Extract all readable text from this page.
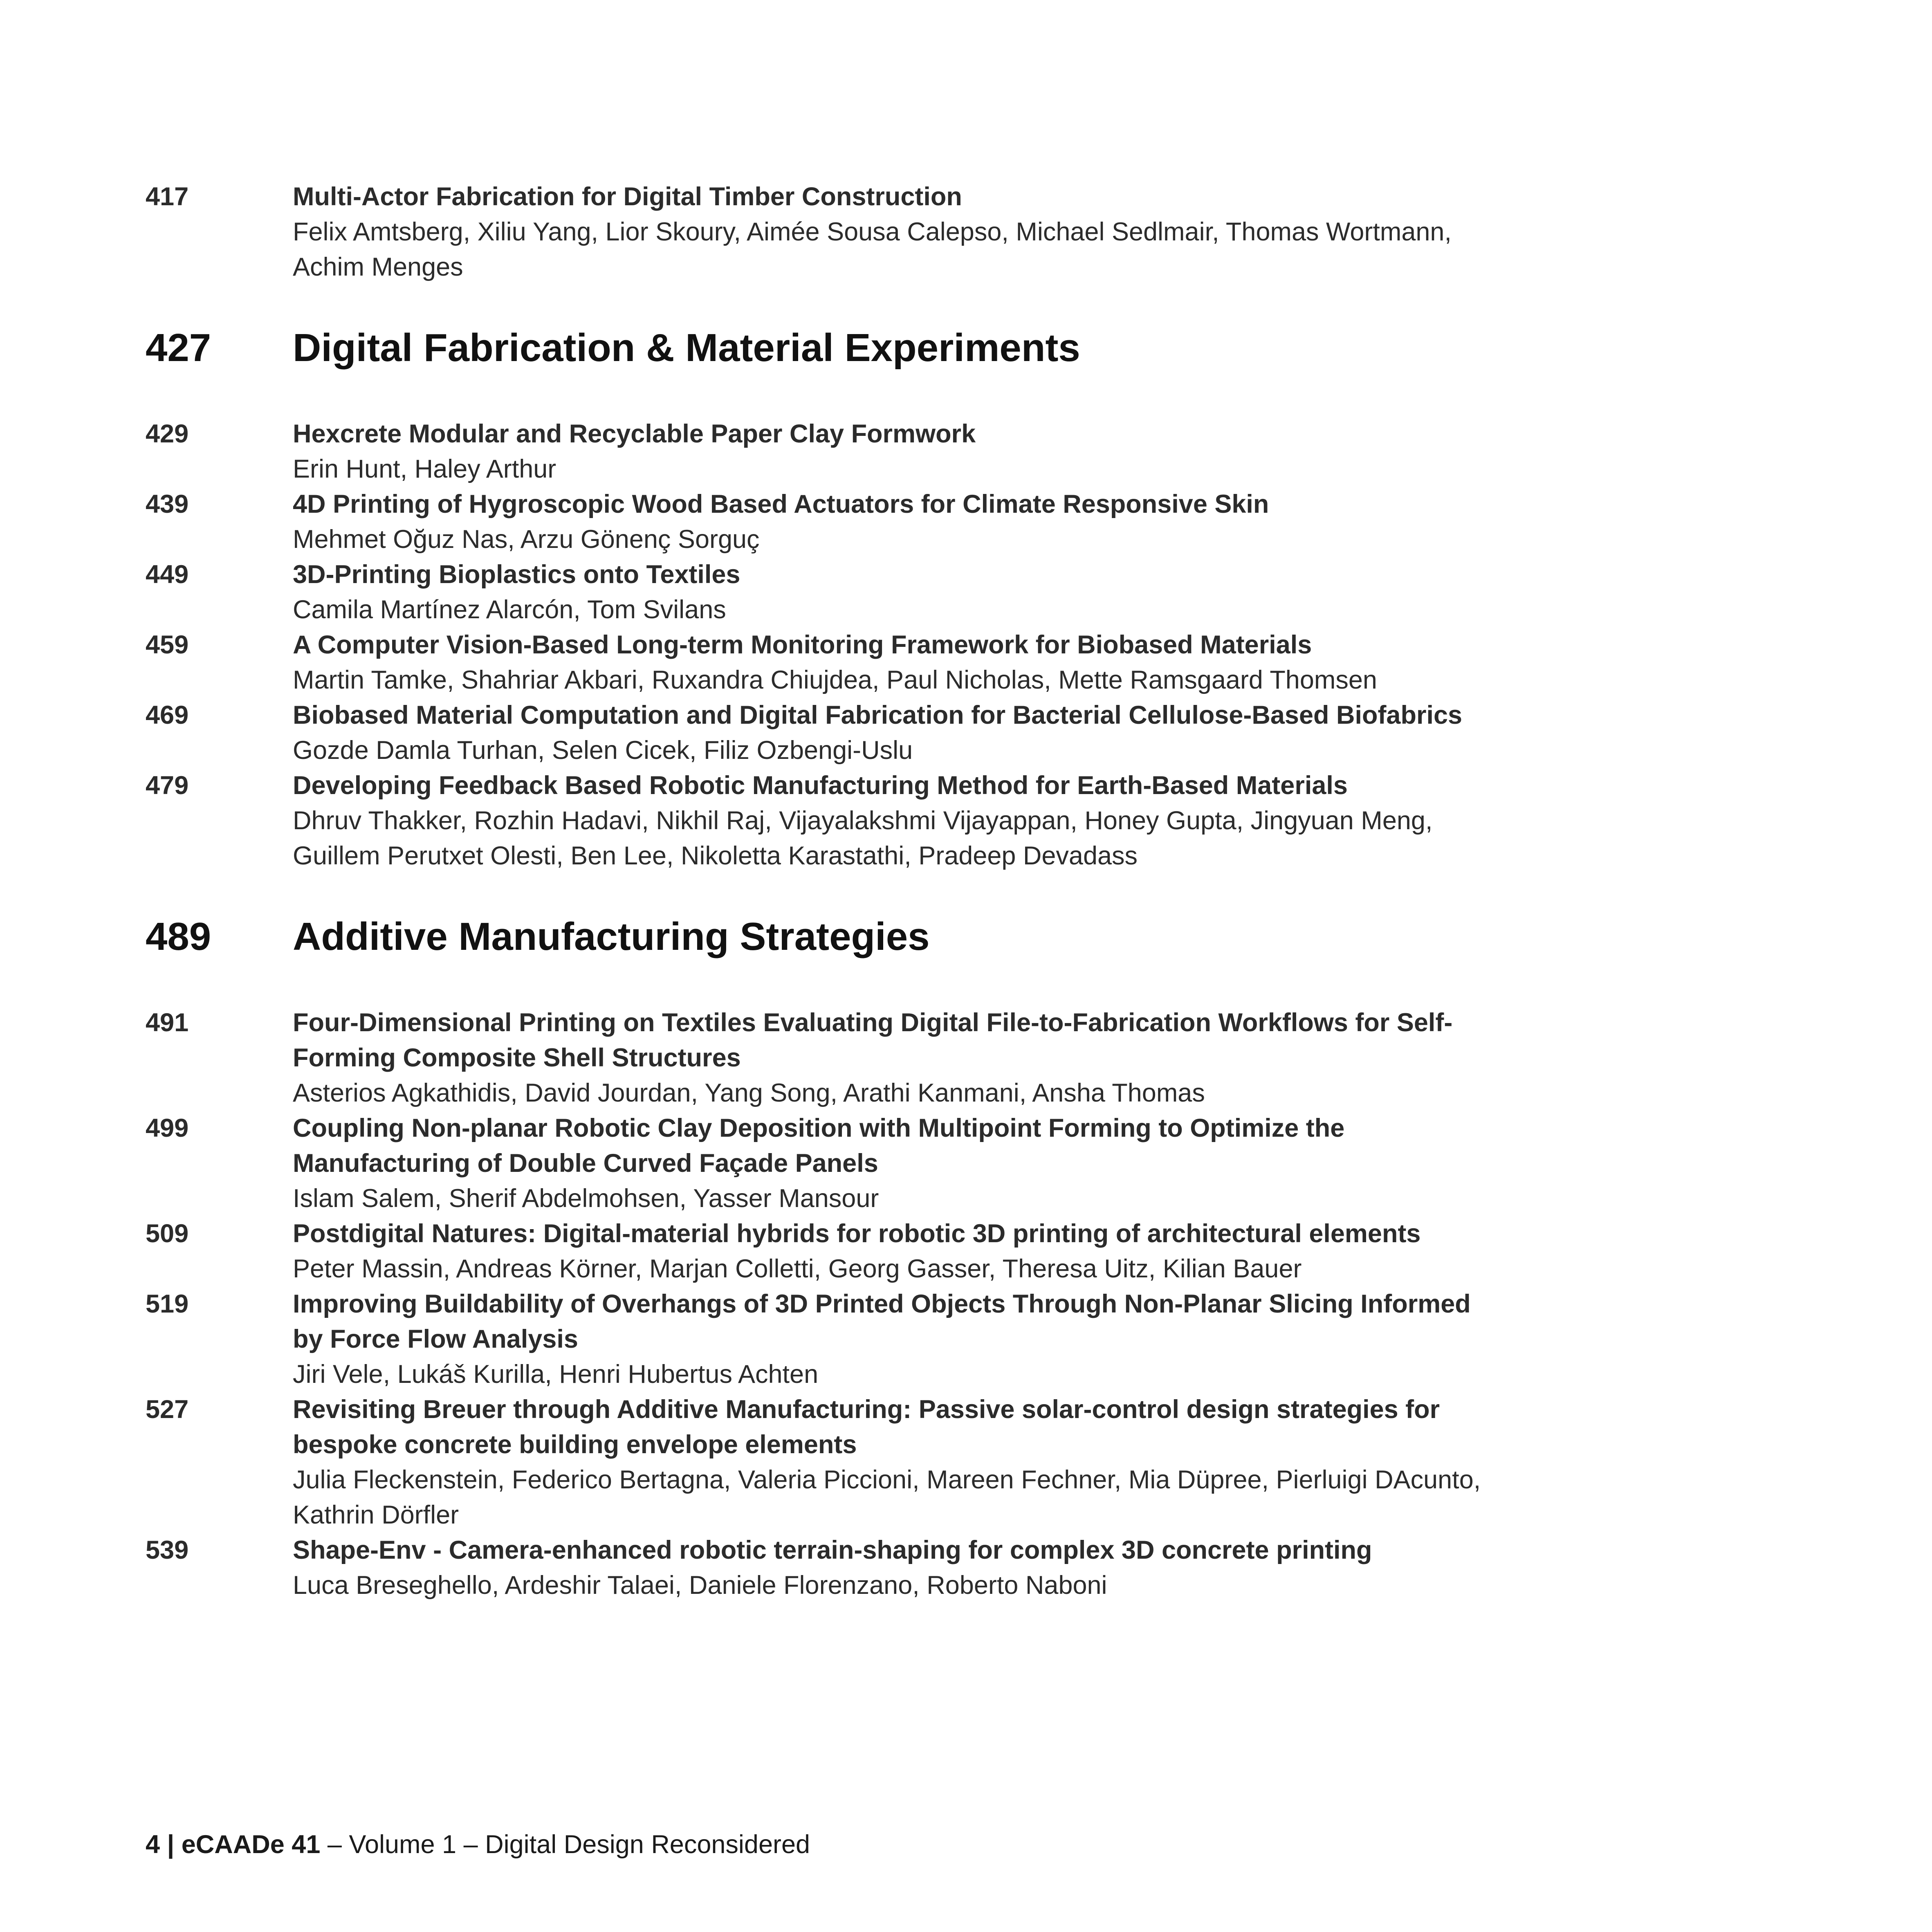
417	Multi-Actor Fabrication for Digital Timber Construction
Felix Amtsberg, Xiliu Yang, Lior Skoury, Aimée Sousa Calepso, Michael Sedlmair, Thomas Wortmann, Achim Menges
427	Digital Fabrication & Material Experiments
429	Hexcrete Modular and Recyclable Paper Clay Formwork
Erin Hunt, Haley Arthur
439	4D Printing of Hygroscopic Wood Based Actuators for Climate Responsive Skin
Mehmet Oğuz Nas, Arzu Gönenç Sorguç
449	3D-Printing Bioplastics onto Textiles
Camila Martínez Alarcón, Tom Svilans
459	A Computer Vision-Based Long-term Monitoring Framework for Biobased Materials
Martin Tamke, Shahriar Akbari, Ruxandra Chiujdea, Paul Nicholas, Mette Ramsgaard Thomsen
469	Biobased Material Computation and Digital Fabrication for Bacterial Cellulose-Based Biofabrics
Gozde Damla Turhan, Selen Cicek, Filiz Ozbengi-Uslu
479	Developing Feedback Based Robotic Manufacturing Method for Earth-Based Materials
Dhruv Thakker, Rozhin Hadavi, Nikhil Raj, Vijayalakshmi Vijayappan, Honey Gupta, Jingyuan Meng, Guillem Perutxet Olesti, Ben Lee, Nikoletta Karastathi, Pradeep Devadass
489	Additive Manufacturing Strategies
491	Four-Dimensional Printing on Textiles Evaluating Digital File-to-Fabrication Workflows for Self-Forming Composite Shell Structures
Asterios Agkathidis, David Jourdan, Yang Song, Arathi Kanmani, Ansha Thomas
499	Coupling Non-planar Robotic Clay Deposition with Multipoint Forming to Optimize the Manufacturing of Double Curved Façade Panels
Islam Salem, Sherif Abdelmohsen, Yasser Mansour
509	Postdigital Natures: Digital-material hybrids for robotic 3D printing of architectural elements
Peter Massin, Andreas Körner, Marjan Colletti, Georg Gasser, Theresa Uitz, Kilian Bauer
519	Improving Buildability of Overhangs of 3D Printed Objects Through Non-Planar Slicing Informed by Force Flow Analysis
Jiri Vele, Lukáš Kurilla, Henri Hubertus Achten
527	Revisiting Breuer through Additive Manufacturing: Passive solar-control design strategies for bespoke concrete building envelope elements
Julia Fleckenstein, Federico Bertagna, Valeria Piccioni, Mareen Fechner, Mia Düpree, Pierluigi DAcunto, Kathrin Dörfler
539	Shape-Env - Camera-enhanced robotic terrain-shaping for complex 3D concrete printing
Luca Breseghello, Ardeshir Talaei, Daniele Florenzano, Roberto Naboni
4 | eCAADe 41 – Volume 1 – Digital Design Reconsidered
